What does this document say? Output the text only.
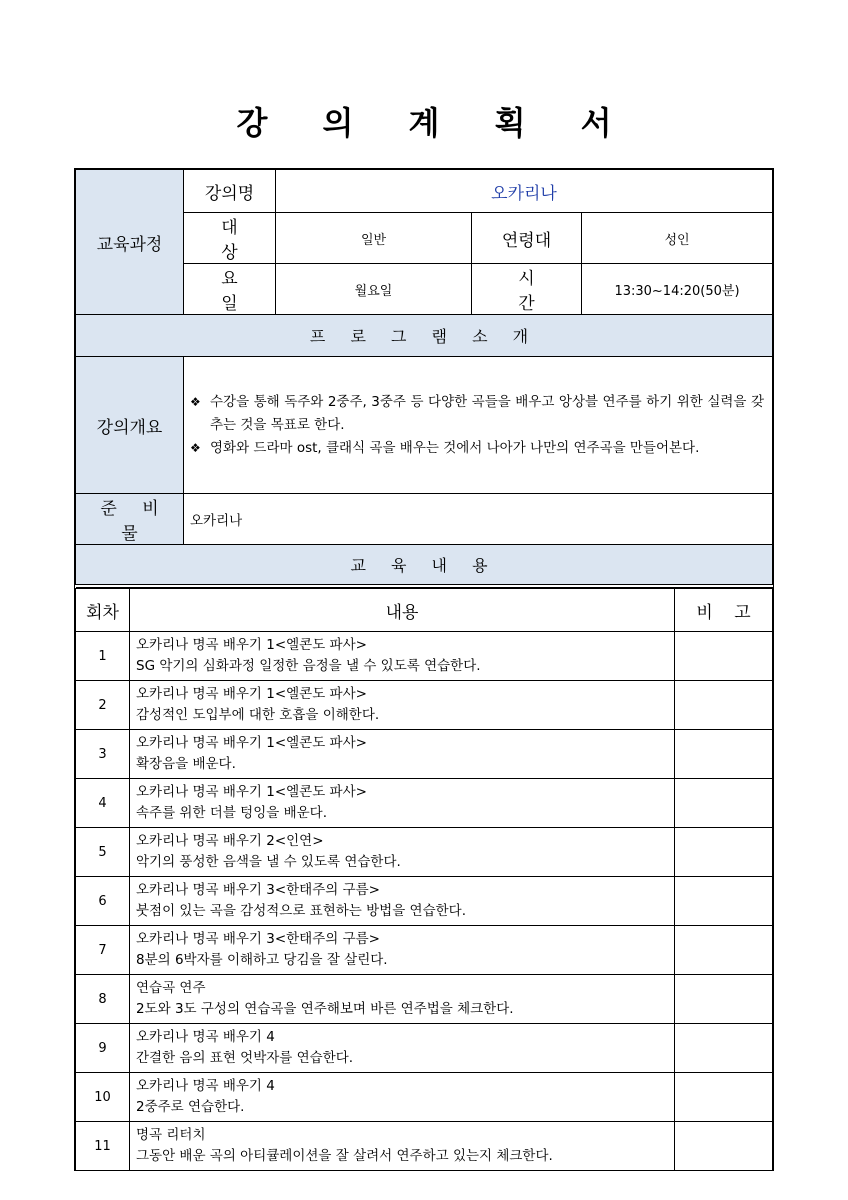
강 의 계 획 서
교육과정	강의명	오카리나		
	대 상	일반	연령대	성인
	요 일	월요일	시 간	13:30~14:20(50분)
프 로 그 램 소 개				
강의개요	❖ 수강을 통해 독주와 2중주, 3중주 등 다양한 곡들을 배우고 앙상블 연주를 하기 위한 실력을 갖추는 것을 목표로 한다.
❖ 영화와 드라마 ost, 클래식 곡을 배우는 것에서 나아가 나만의 연주곡을 만들어본다.			

준 비 물	오카리나			
교 육 내 용				

회차	내용	비 고
1	오카리나 명곡 배우기 1<엘콘도 파사>
SG 악기의 심화과정 일정한 음정을 낼 수 있도록 연습한다.	

2	오카리나 명곡 배우기 1<엘콘도 파사>
감성적인 도입부에 대한 호흡을 이해한다.	

3	오카리나 명곡 배우기 1<엘콘도 파사>
확장음을 배운다.	

4	오카리나 명곡 배우기 1<엘콘도 파사>
속주를 위한 더블 텅잉을 배운다.	

5	오카리나 명곡 배우기 2<인연>
악기의 풍성한 음색을 낼 수 있도록 연습한다.	

6	오카리나 명곡 배우기 3<한태주의 구름>
붓점이 있는 곡을 감성적으로 표현하는 방법을 연습한다.	

7	오카리나 명곡 배우기 3<한태주의 구름>
8분의 6박자를 이해하고 당김을 잘 살린다.	

8	연습곡 연주
2도와 3도 구성의 연습곡을 연주해보며 바른 연주법을 체크한다.	

9	오카리나 명곡 배우기 4
간결한 음의 표현 엇박자를 연습한다.	

10	오카리나 명곡 배우기 4
2중주로 연습한다.	

11	명곡 리터치
그동안 배운 곡의 아티큘레이션을 잘 살려서 연주하고 있는지 체크한다.	
